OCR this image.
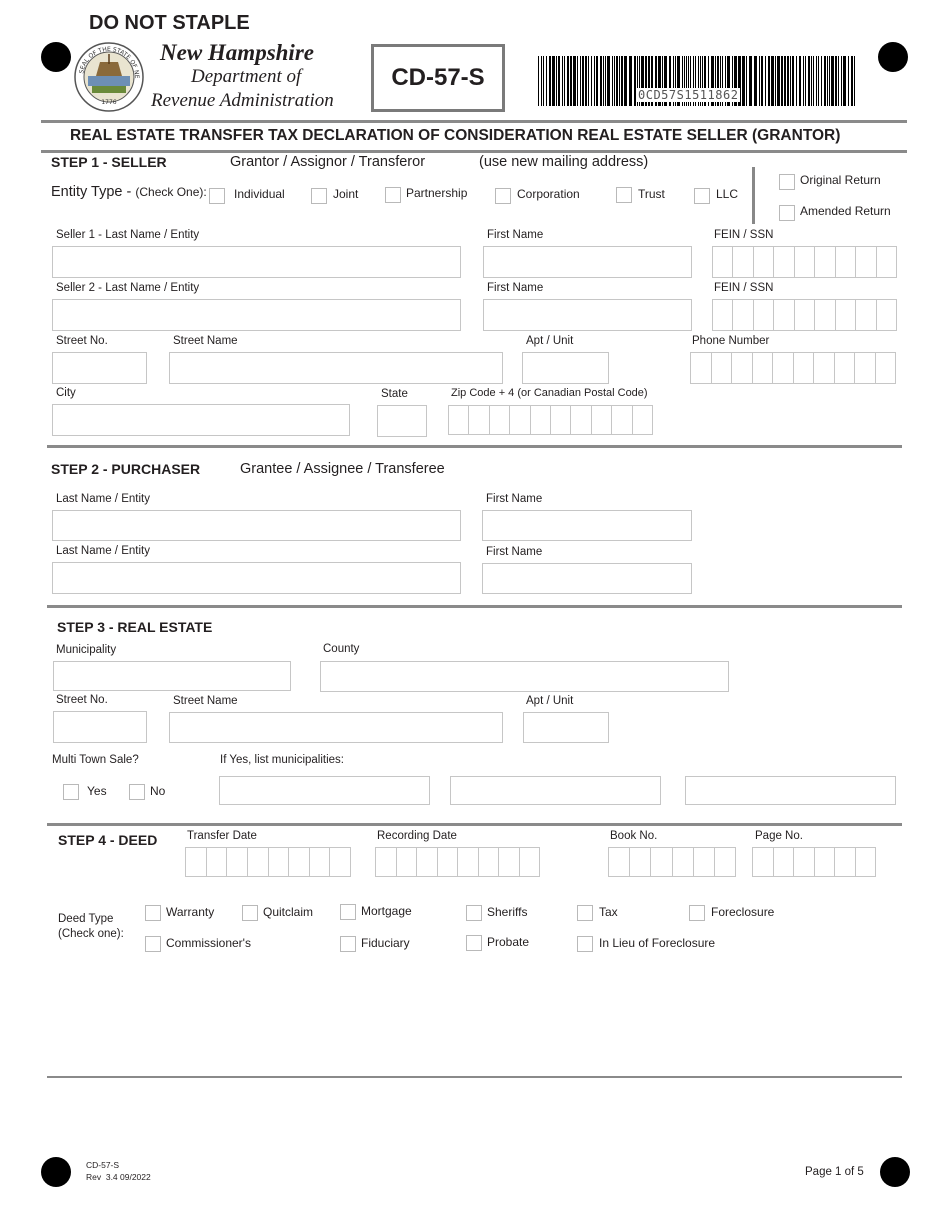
DO NOT STAPLE
SEAL OF THE STATE OF NE
1776
New Hampshire
Department of
Revenue Administration
CD-57-S
0CD57S1511862
REAL ESTATE TRANSFER TAX DECLARATION OF CONSIDERATION REAL ESTATE SELLER (GRANTOR)
STEP 1 - SELLER	Grantor / Assignor / Transferor	(use new mailing address)
Entity Type - (Check One): Individual	Joint	Partnership	Corporation	Trust	LLC
Original Return
Amended Return
Seller 1 - Last Name / Entity	First Name	FEIN / SSN
Seller 2 - Last Name / Entity	First Name	FEIN / SSN
Street No.	Street Name	Apt / Unit	Phone Number
City	State	Zip Code + 4 (or Canadian Postal Code)
STEP 2 - PURCHASER	Grantee / Assignee / Transferee
Last Name / Entity	First Name
Last Name / Entity	First Name
STEP 3 - REAL ESTATE
Municipality	County
Street No.	Street Name	Apt / Unit
Multi Town Sale?	If Yes, list municipalities:
Yes	No
STEP 4 - DEED	Transfer Date	Recording Date	Book No.	Page No.
Deed Type
(Check one):
Warranty	Quitclaim	Mortgage	Sheriffs	Tax	Foreclosure
Commissioner's	Fiduciary	Probate	In Lieu of Foreclosure
CD-57-S
Rev  3.4 09/2022	Page 1 of 5
